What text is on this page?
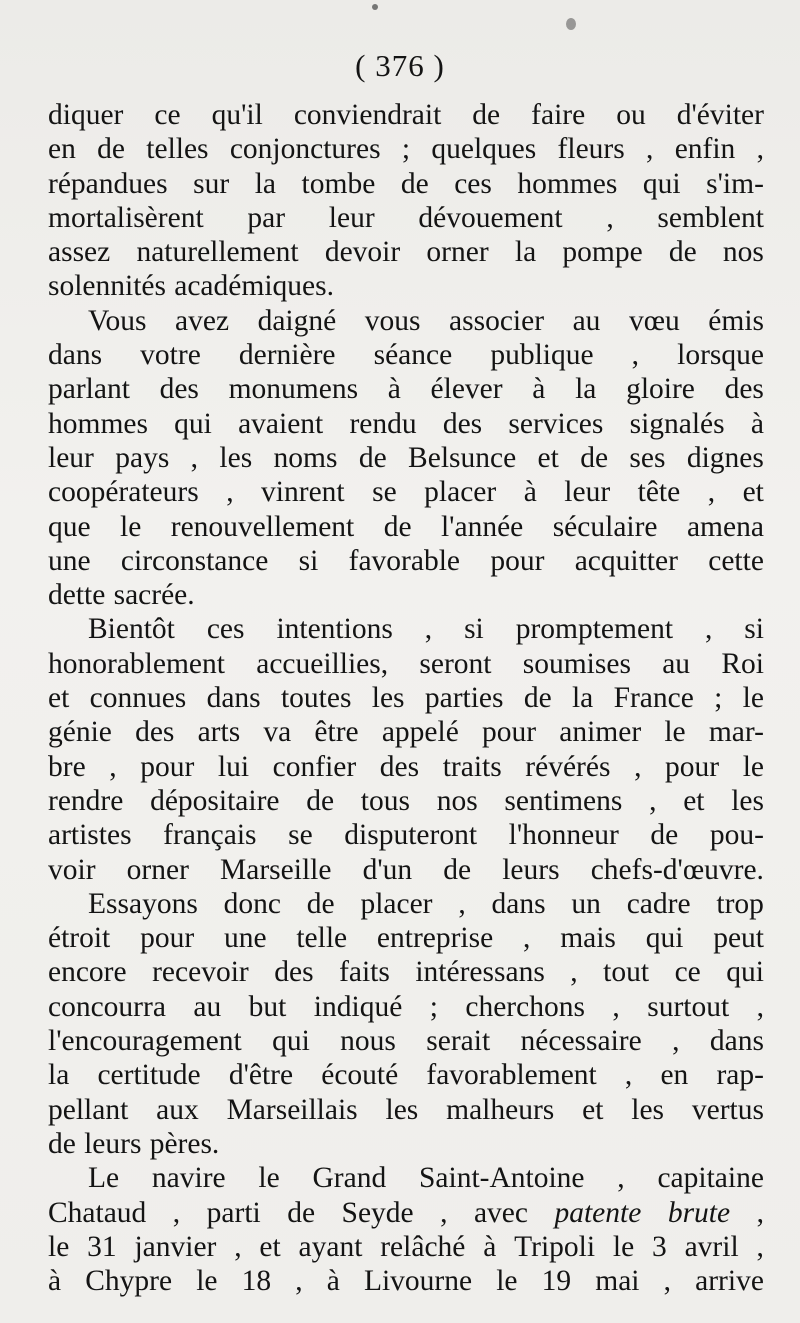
( 376 )
diquer ce qu'il conviendrait de faire ou d'éviter
en de telles conjonctures ; quelques fleurs , enfin ,
répandues sur la tombe de ces hommes qui s'im-
mortalisèrent par leur dévouement , semblent
assez naturellement devoir orner la pompe de nos
solennités académiques.
Vous avez daigné vous associer au vœu émis
dans votre dernière séance publique , lorsque
parlant des monumens à élever à la gloire des
hommes qui avaient rendu des services signalés à
leur pays , les noms de Belsunce et de ses dignes
coopérateurs , vinrent se placer à leur tête , et
que le renouvellement de l'année séculaire amena
une circonstance si favorable pour acquitter cette
dette sacrée.
Bientôt ces intentions , si promptement , si
honorablement accueillies, seront soumises au Roi
et connues dans toutes les parties de la France ; le
génie des arts va être appelé pour animer le mar-
bre , pour lui confier des traits révérés , pour le
rendre dépositaire de tous nos sentimens , et les
artistes français se disputeront l'honneur de pou-
voir orner Marseille d'un de leurs chefs-d'œuvre.
Essayons donc de placer , dans un cadre trop
étroit pour une telle entreprise , mais qui peut
encore recevoir des faits intéressans , tout ce qui
concourra au but indiqué ; cherchons , surtout ,
l'encouragement qui nous serait nécessaire , dans
la certitude d'être écouté favorablement , en rap-
pellant aux Marseillais les malheurs et les vertus
de leurs pères.
Le navire le Grand Saint-Antoine , capitaine
Chataud , parti de Seyde , avec patente brute ,
le 31 janvier , et ayant relâché à Tripoli le 3 avril ,
à Chypre le 18 , à Livourne le 19 mai , arrive
